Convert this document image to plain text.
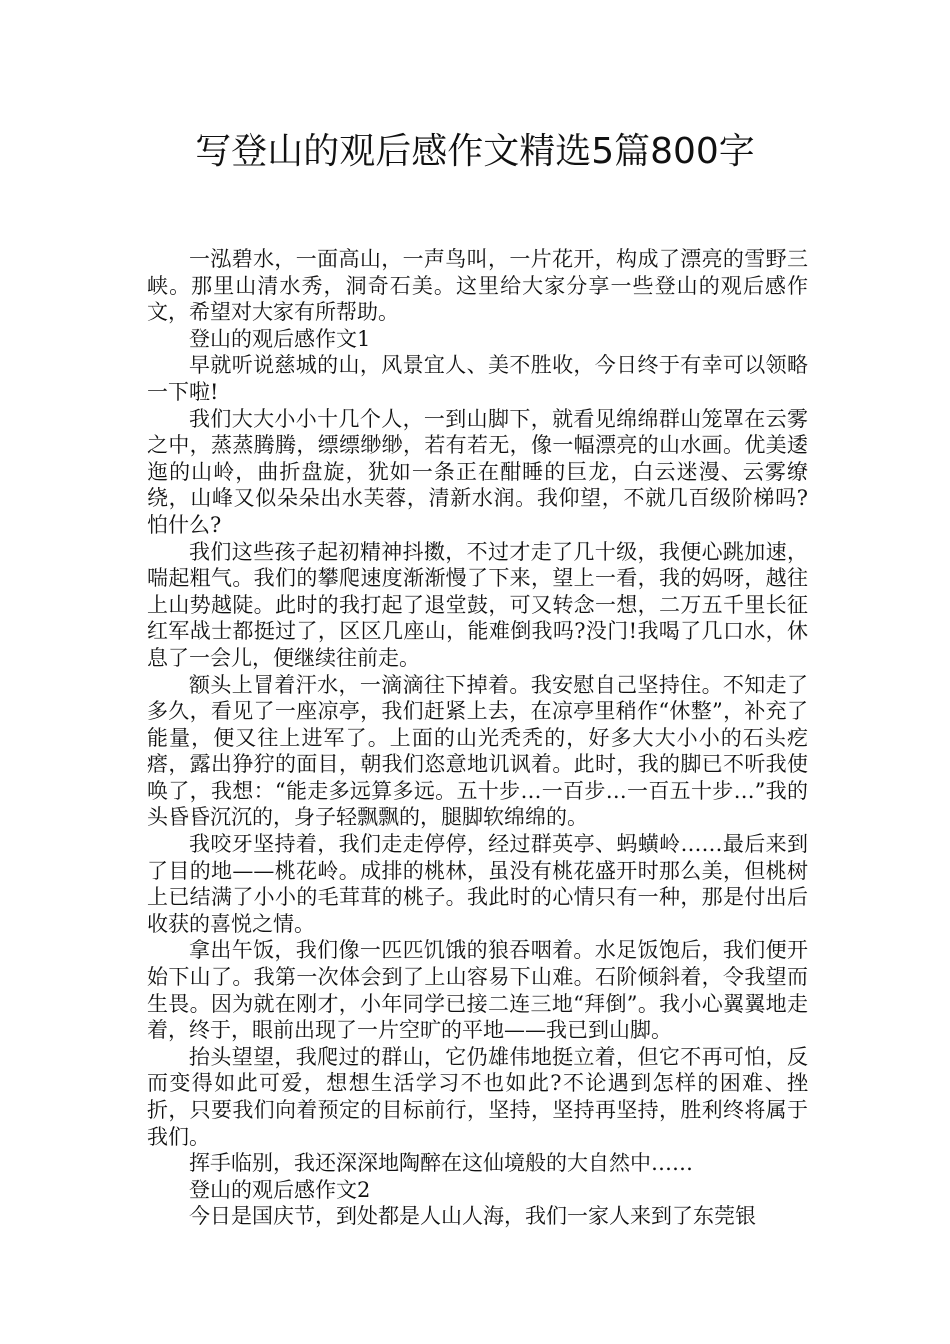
写登山的观后感作文精选5篇800字

一泓碧水，一面高山，一声鸟叫，一片花开，构成了漂亮的雪野三峡。那里山清水秀，洞奇石美。这里给大家分享一些登山的观后感作文，希望对大家有所帮助。

登山的观后感作文1

早就听说慈城的山，风景宜人、美不胜收，今日终于有幸可以领略一下啦!

我们大大小小十几个人，一到山脚下，就看见绵绵群山笼罩在云雾之中，蒸蒸腾腾，缥缥缈缈，若有若无，像一幅漂亮的山水画。优美逶迤的山岭，曲折盘旋，犹如一条正在酣睡的巨龙，白云迷漫、云雾缭绕，山峰又似朵朵出水芙蓉，清新水润。我仰望，不就几百级阶梯吗?怕什么?

我们这些孩子起初精神抖擞，不过才走了几十级，我便心跳加速，喘起粗气。我们的攀爬速度渐渐慢了下来，望上一看，我的妈呀，越往上山势越陡。此时的我打起了退堂鼓，可又转念一想，二万五千里长征红军战士都挺过了，区区几座山，能难倒我吗?没门!我喝了几口水，休息了一会儿，便继续往前走。

额头上冒着汗水，一滴滴往下掉着。我安慰自己坚持住。不知走了多久，看见了一座凉亭，我们赶紧上去，在凉亭里稍作“休整”，补充了能量，便又往上进军了。上面的山光秃秃的，好多大大小小的石头疙瘩，露出狰狞的面目，朝我们恣意地讥讽着。此时，我的脚已不听我使唤了，我想：“能走多远算多远。五十步…一百步…一百五十步…”我的头昏昏沉沉的，身子轻飘飘的，腿脚软绵绵的。

我咬牙坚持着，我们走走停停，经过群英亭、蚂蟥岭……最后来到了目的地——桃花岭。成排的桃林，虽没有桃花盛开时那么美，但桃树上已结满了小小的毛茸茸的桃子。我此时的心情只有一种，那是付出后收获的喜悦之情。

拿出午饭，我们像一匹匹饥饿的狼吞咽着。水足饭饱后，我们便开始下山了。我第一次体会到了上山容易下山难。石阶倾斜着，令我望而生畏。因为就在刚才，小年同学已接二连三地“拜倒”。我小心翼翼地走着，终于，眼前出现了一片空旷的平地——我已到山脚。

抬头望望，我爬过的群山，它仍雄伟地挺立着，但它不再可怕，反而变得如此可爱，想想生活学习不也如此?不论遇到怎样的困难、挫折，只要我们向着预定的目标前行，坚持，坚持再坚持，胜利终将属于我们。

挥手临别，我还深深地陶醉在这仙境般的大自然中……

登山的观后感作文2

今日是国庆节，到处都是人山人海，我们一家人来到了东莞银
